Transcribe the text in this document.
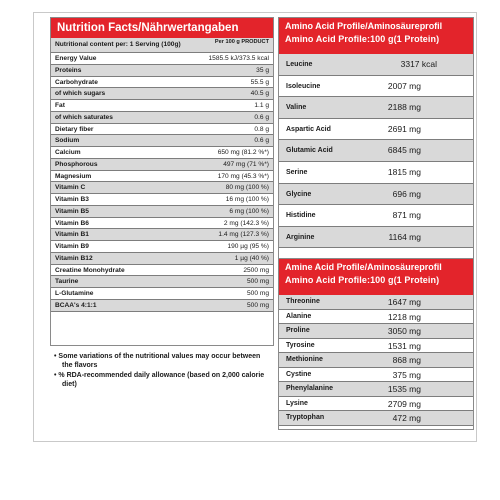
Nutrition Facts/Nährwertangaben
Nutritional content per: 1 Serving (100g)	Per 100 g PRODUCT
Energy Value	1585.5 kJ/373.5 kcal
Proteins	35 g
Carbohydrate	55.5 g
of which sugars	40.5 g
Fat	1.1 g
of which saturates	0.6 g
Dietary fiber	0.8 g
Sodium	0.6 g
Calcium	650 mg (81.2 %*)
Phosphorous	497 mg (71 %*)
Magnesium	170 mg (45.3 %*)
Vitamin C	80 mg (100 %)
Vitamin B3	16 mg (100 %)
Vitamin B5	6 mg (100 %)
Vitamin B6	2 mg (142.3 %)
Vitamin B1	1.4 mg (127.3 %)
Vitamin B9	190 µg (95 %)
Vitamin B12	1 µg (40 %)
Creatine Monohydrate	2500 mg
Taurine	500 mg
L-Glutamine	500 mg
BCAA's 4:1:1	500 mg

• Some variations of the nutritional values may occur between the flavors

• % RDA-recommended daily allowance (based on 2,000 calorie diet)

Amino Acid Profile/Aminosäureprofil
Amino Acid Profile:100 g(1 Protein)
Leucine	3317 kcal
Isoleucine	2007 mg
Valine	2188 mg
Aspartic Acid	2691 mg
Glutamic Acid	6845 mg
Serine	1815 mg
Glycine	696 mg
Histidine	871 mg
Arginine	1164 mg
Amine Acid Profile/Aminosäureprofil
Amino Acid Profile:100 g(1 Protein)
Threonine	1647 mg
Alanine	1218 mg
Proline	3050 mg
Tyrosine	1531 mg
Methionine	868 mg
Cystine	375 mg
Phenylalanine	1535 mg
Lysine	2709 mg
Tryptophan	472 mg
